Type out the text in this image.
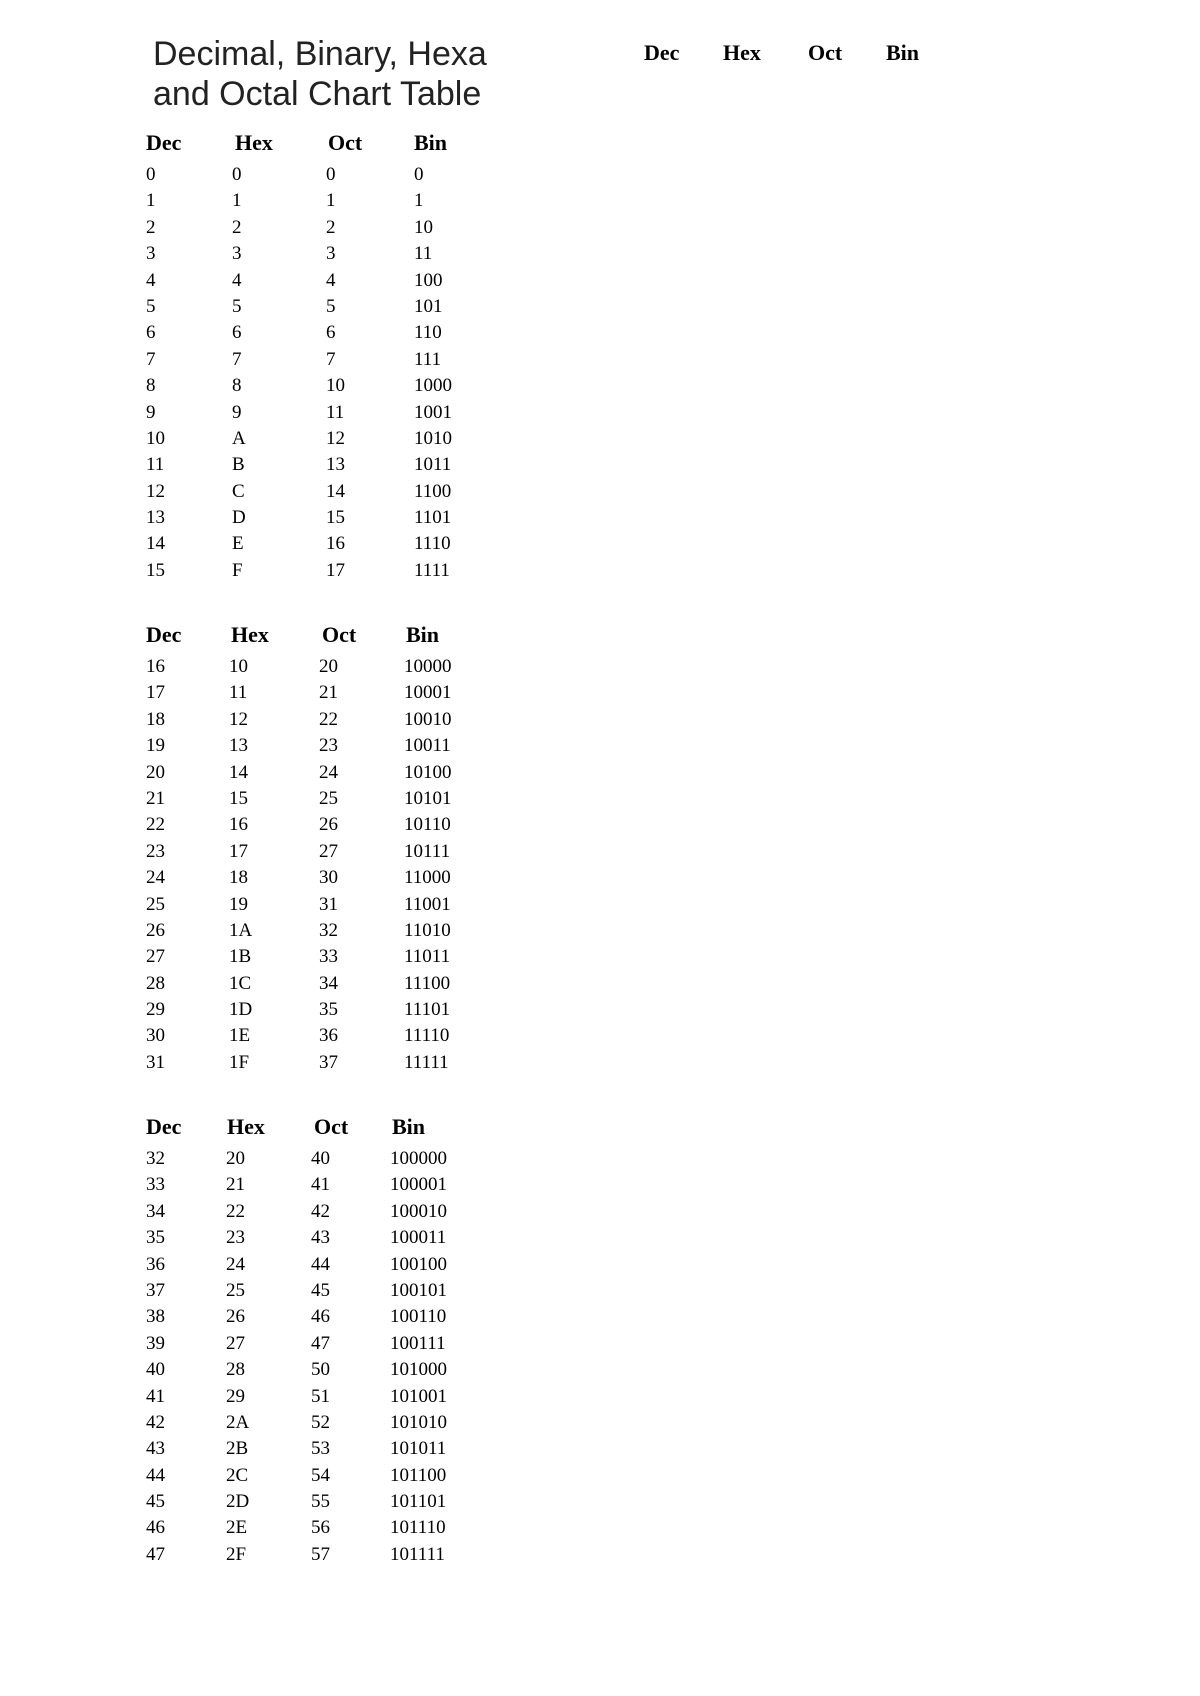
Decimal, Binary, Hexa
and Octal Chart Table
Dec Hex Oct Bin
Dec Hex	Oct Bin
0	0	0	0
1	1	1	1
2	2	2	10
3	3	3	11
4	4	4	100
5	5	5	101
6	6	6	110
7	7	7	111
8	8	10	1000
9	9	11	1001
10	A	12	1010
11	B	13	1011
12	C	14	1100
13	D	15	1101
14	E	16	1110
15	F	17	1111
Dec Hex Oct Bin
16	10	20	10000
17	11	21	10001
18	12	22	10010
19	13	23	10011
20	14	24	10100
21	15	25	10101
22	16	26	10110
23	17	27	10111
24	18	30	11000
25	19	31	11001
26	1A	32	11010
27	1B	33	11011
28	1C	34	11100
29	1D	35	11101
30	1E	36	11110
31	1F	37	11111
Dec Hex Oct Bin
32	20	40	100000
33	21	41	100001
34	22	42	100010
35	23	43	100011
36	24	44	100100
37	25	45	100101
38	26	46	100110
39	27	47	100111
40	28	50	101000
41	29	51	101001
42	2A	52	101010
43	2B	53	101011
44	2C	54	101100
45	2D	55	101101
46	2E	56	101110
47	2F	57	101111
